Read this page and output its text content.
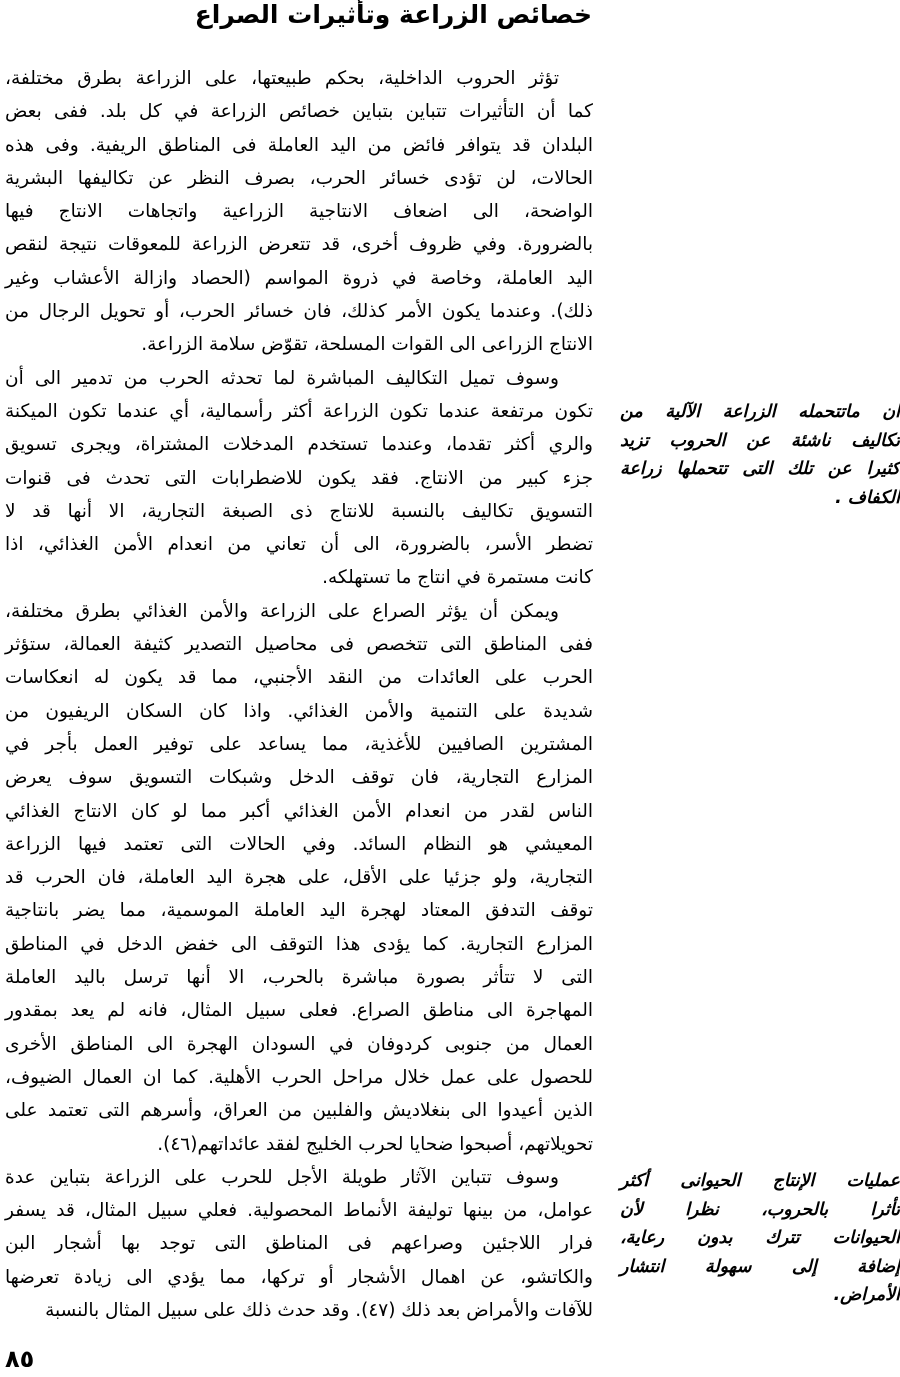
خصائص الزراعة وتأثيرات الصراع
تؤثر الحروب الداخلية، بحكم طبيعتها، على الزراعة بطرق مختلفة،
كما أن التأثيرات تتباين بتباين خصائص الزراعة في كل بلد. ففى بعض
البلدان قد يتوافر فائض من اليد العاملة فى المناطق الريفية. وفى هذه
الحالات، لن تؤدى خسائر الحرب، بصرف النظر عن تكاليفها البشرية
الواضحة، الى اضعاف الانتاجية الزراعية واتجاهات الانتاج فيها
بالضرورة. وفي ظروف أخرى، قد تتعرض الزراعة للمعوقات نتيجة لنقص
اليد العاملة، وخاصة في ذروة المواسم (الحصاد وازالة الأعشاب وغير
ذلك). وعندما يكون الأمر كذلك، فان خسائر الحرب، أو تحويل الرجال من
الانتاج الزراعى الى القوات المسلحة، تقوّض سلامة الزراعة.
وسوف تميل التكاليف المباشرة لما تحدثه الحرب من تدمير الى أن
تكون مرتفعة عندما تكون الزراعة أكثر رأسمالية، أي عندما تكون الميكنة
والري أكثر تقدما، وعندما تستخدم المدخلات المشتراة، ويجرى تسويق
جزء كبير من الانتاج. فقد يكون للاضطرابات التى تحدث فى قنوات
التسويق تكاليف بالنسبة للانتاج ذى الصبغة التجارية، الا أنها قد لا
تضطر الأسر، بالضرورة، الى أن تعاني من انعدام الأمن الغذائي، اذا
كانت مستمرة في انتاج ما تستهلكه.
ويمكن أن يؤثر الصراع على الزراعة والأمن الغذائي بطرق مختلفة،
ففى المناطق التى تتخصص فى محاصيل التصدير كثيفة العمالة، ستؤثر
الحرب على العائدات من النقد الأجنبي، مما قد يكون له انعكاسات
شديدة على التنمية والأمن الغذائي. واذا كان السكان الريفيون من
المشترين الصافيين للأغذية، مما يساعد على توفير العمل بأجر في
المزارع التجارية، فان توقف الدخل وشبكات التسويق سوف يعرض
الناس لقدر من انعدام الأمن الغذائي أكبر مما لو كان الانتاج الغذائي
المعيشي هو النظام السائد. وفي الحالات التى تعتمد فيها الزراعة
التجارية، ولو جزئيا على الأقل، على هجرة اليد العاملة، فان الحرب قد
توقف التدفق المعتاد لهجرة اليد العاملة الموسمية، مما يضر بانتاجية
المزارع التجارية. كما يؤدى هذا التوقف الى خفض الدخل في المناطق
التى لا تتأثر بصورة مباشرة بالحرب، الا أنها ترسل باليد العاملة
المهاجرة الى مناطق الصراع. فعلى سبيل المثال، فانه لم يعد بمقدور
العمال من جنوبى كردوفان في السودان الهجرة الى المناطق الأخرى
للحصول على عمل خلال مراحل الحرب الأهلية. كما ان العمال الضيوف،
الذين أعيدوا الى بنغلاديش والفلبين من العراق، وأسرهم التى تعتمد على
تحويلاتهم، أصبحوا ضحايا لحرب الخليج لفقد عائداتهم(٤٦).
وسوف تتباين الآثار طويلة الأجل للحرب على الزراعة بتباين عدة
عوامل، من بينها توليفة الأنماط المحصولية. فعلي سبيل المثال، قد يسفر
فرار اللاجئين وصراعهم فى المناطق التى توجد بها أشجار البن
والكاتشو، عن اهمال الأشجار أو تركها، مما يؤدي الى زيادة تعرضها
للآفات والأمراض بعد ذلك (٤٧). وقد حدث ذلك على سبيل المثال بالنسبة
ان ماتتحمله الزراعة الآلية من
تكاليف ناشئة عن الحروب تزيد
كثيرا عن تلك التى تتحملها زراعة
الكفاف .
عمليات الإنتاج الحيوانى أكثر
تأثرا بالحروب، نظرا لأن
الحيوانات تترك بدون رعاية،
إضافة إلى سهولة انتشار
الأمراض.
٨٥
